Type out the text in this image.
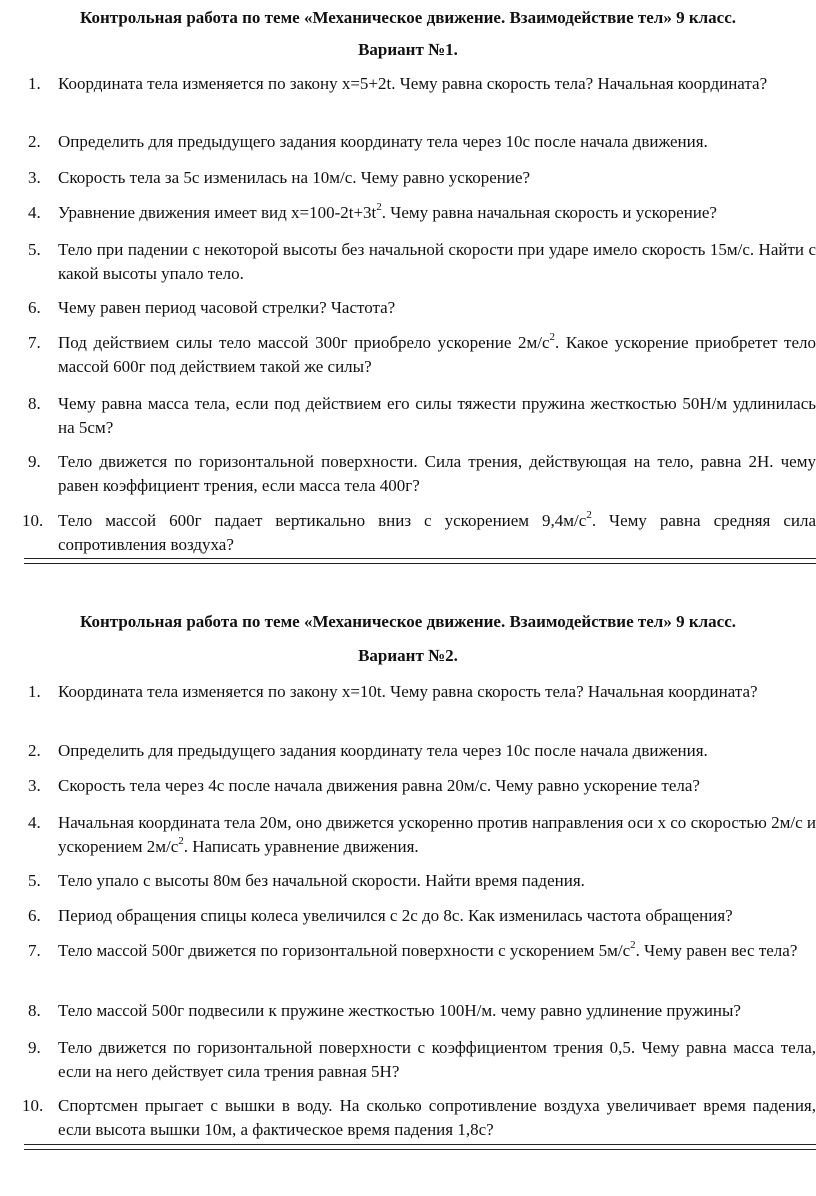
Контрольная работа по теме «Механическое движение. Взаимодействие тел» 9 класс.
Вариант №1.
1. Координата тела изменяется по закону x=5+2t. Чему равна скорость тела? Начальная координата?
2. Определить для предыдущего задания координату тела через 10с после начала движения.
3. Скорость тела за 5с изменилась на 10м/с. Чему равно ускорение?
4. Уравнение движения имеет вид $x=100-2t+3t^2$. Чему равна начальная скорость и ускорение?
5. Тело при падении с некоторой высоты без начальной скорости при ударе имело скорость 15м/с. Найти с какой высоты упало тело.
6. Чему равен период часовой стрелки? Частота?
7. Под действием силы тело массой 300г приобрело ускорение $2м/с^2$. Какое ускорение приобретет тело массой 600г под действием такой же силы?
8. Чему равна масса тела, если под действием его силы тяжести пружина жесткостью 50Н/м удлинилась на 5см?
9. Тело движется по горизонтальной поверхности. Сила трения, действующая на тело, равна 2Н. чему равен коэффициент трения, если масса тела 400г?
10. Тело массой 600г падает вертикально вниз с ускорением $9,4м/с^2$. Чему равна средняя сила сопротивления воздуха?
Контрольная работа по теме «Механическое движение. Взаимодействие тел» 9 класс.
Вариант №2.
1. Координата тела изменяется по закону x=10t. Чему равна скорость тела? Начальная координата?
2. Определить для предыдущего задания координату тела через 10с после начала движения.
3. Скорость тела через 4с после начала движения равна 20м/с. Чему равно ускорение тела?
4. Начальная координата тела 20м, оно движется ускоренно против направления оси x со скоростью 2м/с и ускорением $2м/с^2$. Написать уравнение движения.
5. Тело упало с высоты 80м без начальной скорости. Найти время падения.
6. Период обращения спицы колеса увеличился с 2с до 8с. Как изменилась частота обращения?
7. Тело массой 500г движется по горизонтальной поверхности с ускорением $5м/с^2$. Чему равен вес тела?
8. Тело массой 500г подвесили к пружине жесткостью 100Н/м. чему равно удлинение пружины?
9. Тело движется по горизонтальной поверхности с коэффициентом трения 0,5. Чему равна масса тела, если на него действует сила трения равная 5Н?
10. Спортсмен прыгает с вышки в воду. На сколько сопротивление воздуха увеличивает время падения, если высота вышки 10м, а фактическое время падения 1,8с?
